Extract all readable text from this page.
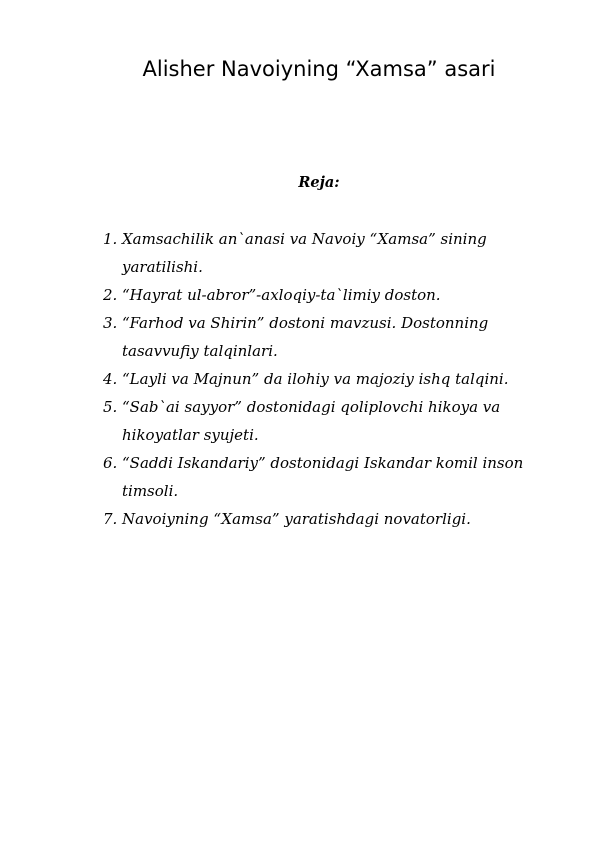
Alisher Navoiyning “Xamsa” asari

Reja:

1. Xamsachilik an`anasi va Navoiy “Xamsa” sining yaratilishi.
2. “Hayrat ul-abror”-axloqiy-ta`limiy doston.
3. “Farhod va Shirin” dostoni mavzusi. Dostonning tasavvufiy talqinlari.
4. “Layli va Majnun” da ilohiy va majoziy ishq talqini.
5. “Sab`ai sayyor” dostonidagi qoliplovchi hikoya va hikoyatlar syujeti.
6. “Saddi Iskandariy” dostonidagi Iskandar komil inson timsoli.
7. Navoiyning “Xamsa” yaratishdagi novatorligi.
